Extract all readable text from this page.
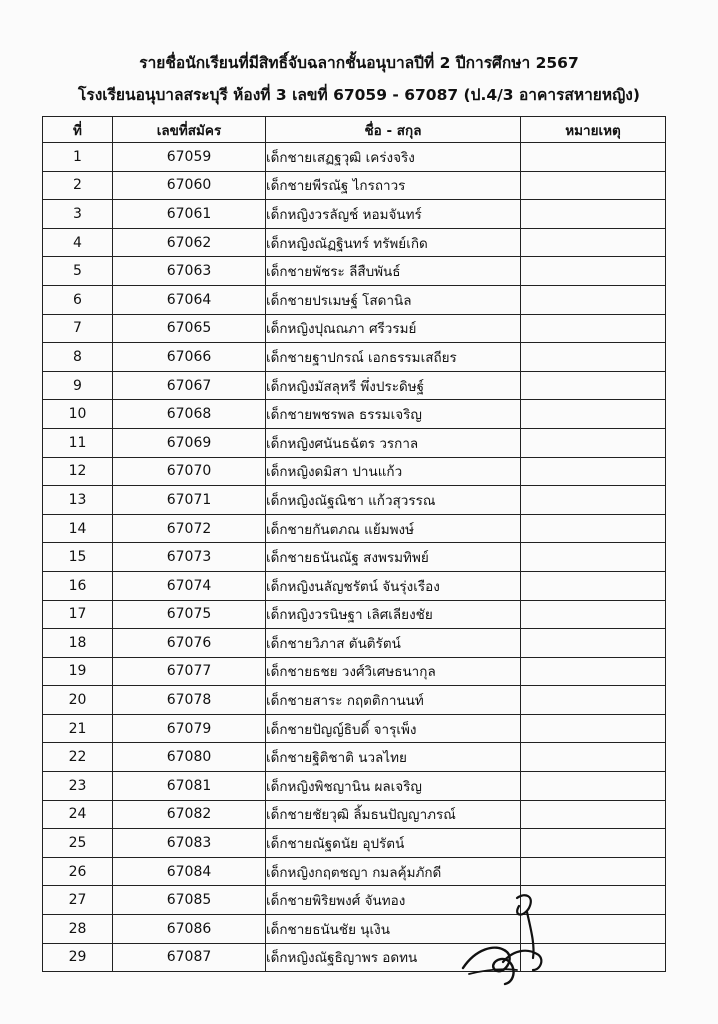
รายชื่อนักเรียนที่มีสิทธิ์จับฉลากชั้นอนุบาลปีที่ 2 ปีการศึกษา 2567
โรงเรียนอนุบาลสระบุรี ห้องที่ 3 เลขที่ 67059 - 67087 (ป.4/3 อาคารสหายหญิง)
ที่	เลขที่สมัคร	ชื่อ - สกุล	หมายเหตุ
1	67059	เด็กชายเสฏฐวุฒิ เคร่งจริง	
2	67060	เด็กชายพีรณัฐ ไกรถาวร	
3	67061	เด็กหญิงวรลัญช์ หอมจันทร์	
4	67062	เด็กหญิงณัฏฐินทร์ ทรัพย์เกิด	
5	67063	เด็กชายพัชระ ลีสืบพันธ์	
6	67064	เด็กชายปรเมษฐ์ โสดานิล	
7	67065	เด็กหญิงปุณณภา ศรีวรมย์	
8	67066	เด็กชายฐาปกรณ์ เอกธรรมเสถียร	
9	67067	เด็กหญิงมัสลุหรี พึ่งประดิษฐ์	
10	67068	เด็กชายพชรพล ธรรมเจริญ	
11	67069	เด็กหญิงศนันธฉัตร วรกาล	
12	67070	เด็กหญิงดมิสา ปานแก้ว	
13	67071	เด็กหญิงณัฐณิชา แก้วสุวรรณ	
14	67072	เด็กชายกันตภณ แย้มพงษ์	
15	67073	เด็กชายธนันณัฐ สงพรมทิพย์	
16	67074	เด็กหญิงนลัญชรัตน์ จันรุ่งเรือง	
17	67075	เด็กหญิงวรนิษฐา เลิศเลียงชัย	
18	67076	เด็กชายวิภาส ตันติรัตน์	
19	67077	เด็กชายธชย วงศ์วิเศษธนากุล	
20	67078	เด็กชายสาระ กฤตติกานนท์	
21	67079	เด็กชายปัญญ์ธิบดิ์ จารุเพ็ง	
22	67080	เด็กชายฐิติชาติ นวลไทย	
23	67081	เด็กหญิงพิชญานิน ผลเจริญ	
24	67082	เด็กชายชัยวุฒิ ลิ้มธนปัญญาภรณ์	
25	67083	เด็กชายณัฐดนัย อุปรัตน์	
26	67084	เด็กหญิงกฤตชญา กมลคุ้มภักดี	
27	67085	เด็กชายพิริยพงศ์ จันทอง	
28	67086	เด็กชายธนันชัย นุเงิน	
29	67087	เด็กหญิงณัฐธิญาพร อดทน	
